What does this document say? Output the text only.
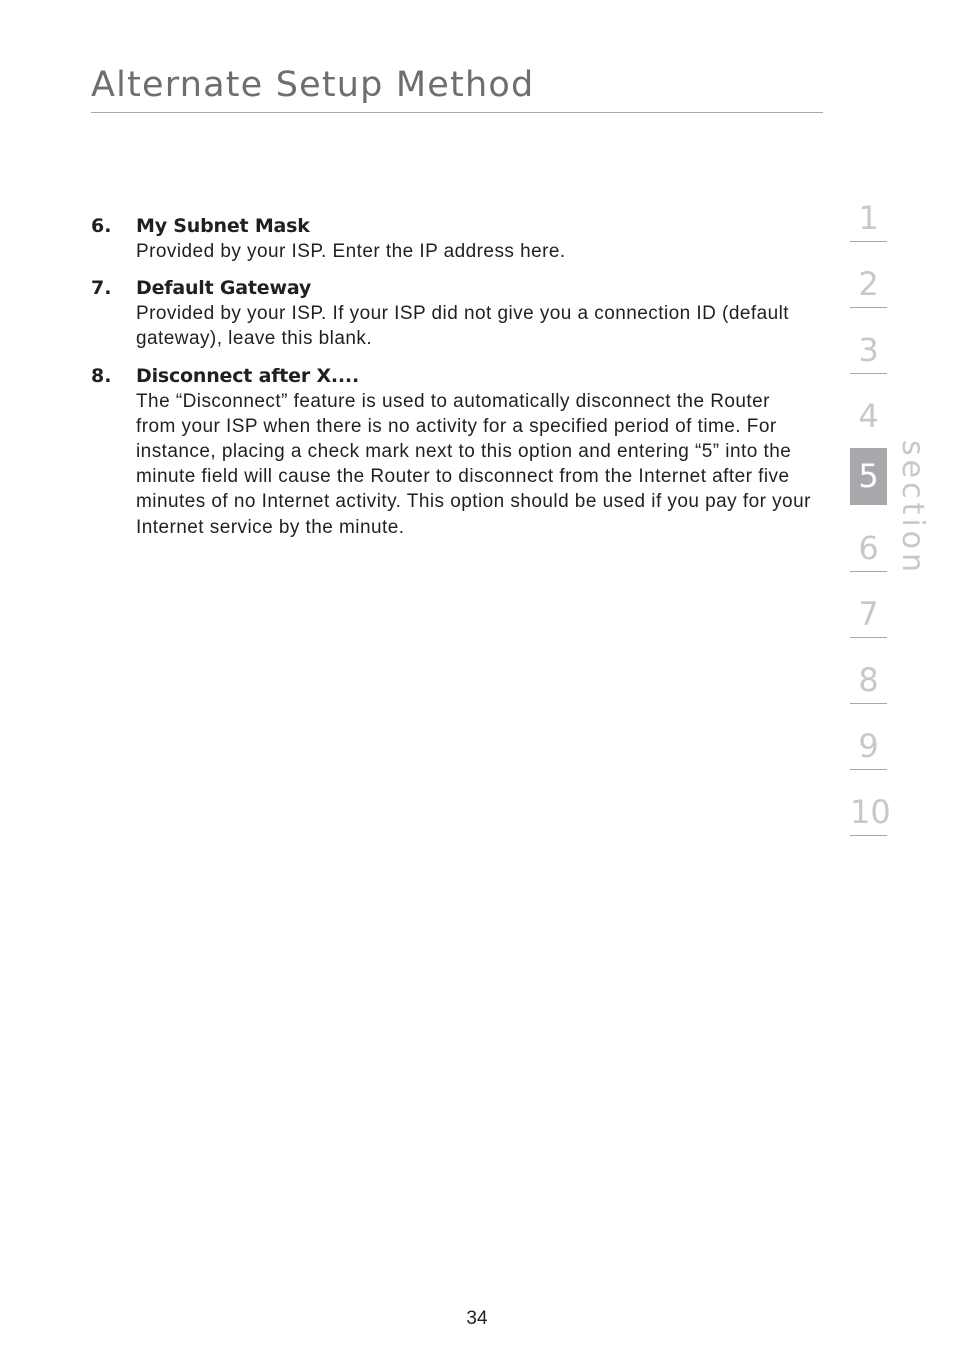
Alternate Setup Method
6. My Subnet Mask
Provided by your ISP. Enter the IP address here.
7. Default Gateway
Provided by your ISP. If your ISP did not give you a connection ID (default gateway), leave this blank.
8. Disconnect after X....
The “Disconnect” feature is used to automatically disconnect the Router from your ISP when there is no activity for a specified period of time. For instance, placing a check mark next to this option and entering “5” into the minute field will cause the Router to disconnect from the Internet after five minutes of no Internet activity. This option should be used if you pay for your Internet service by the minute.
1
2
3
4
5
6
7
8
9
10
section
34
